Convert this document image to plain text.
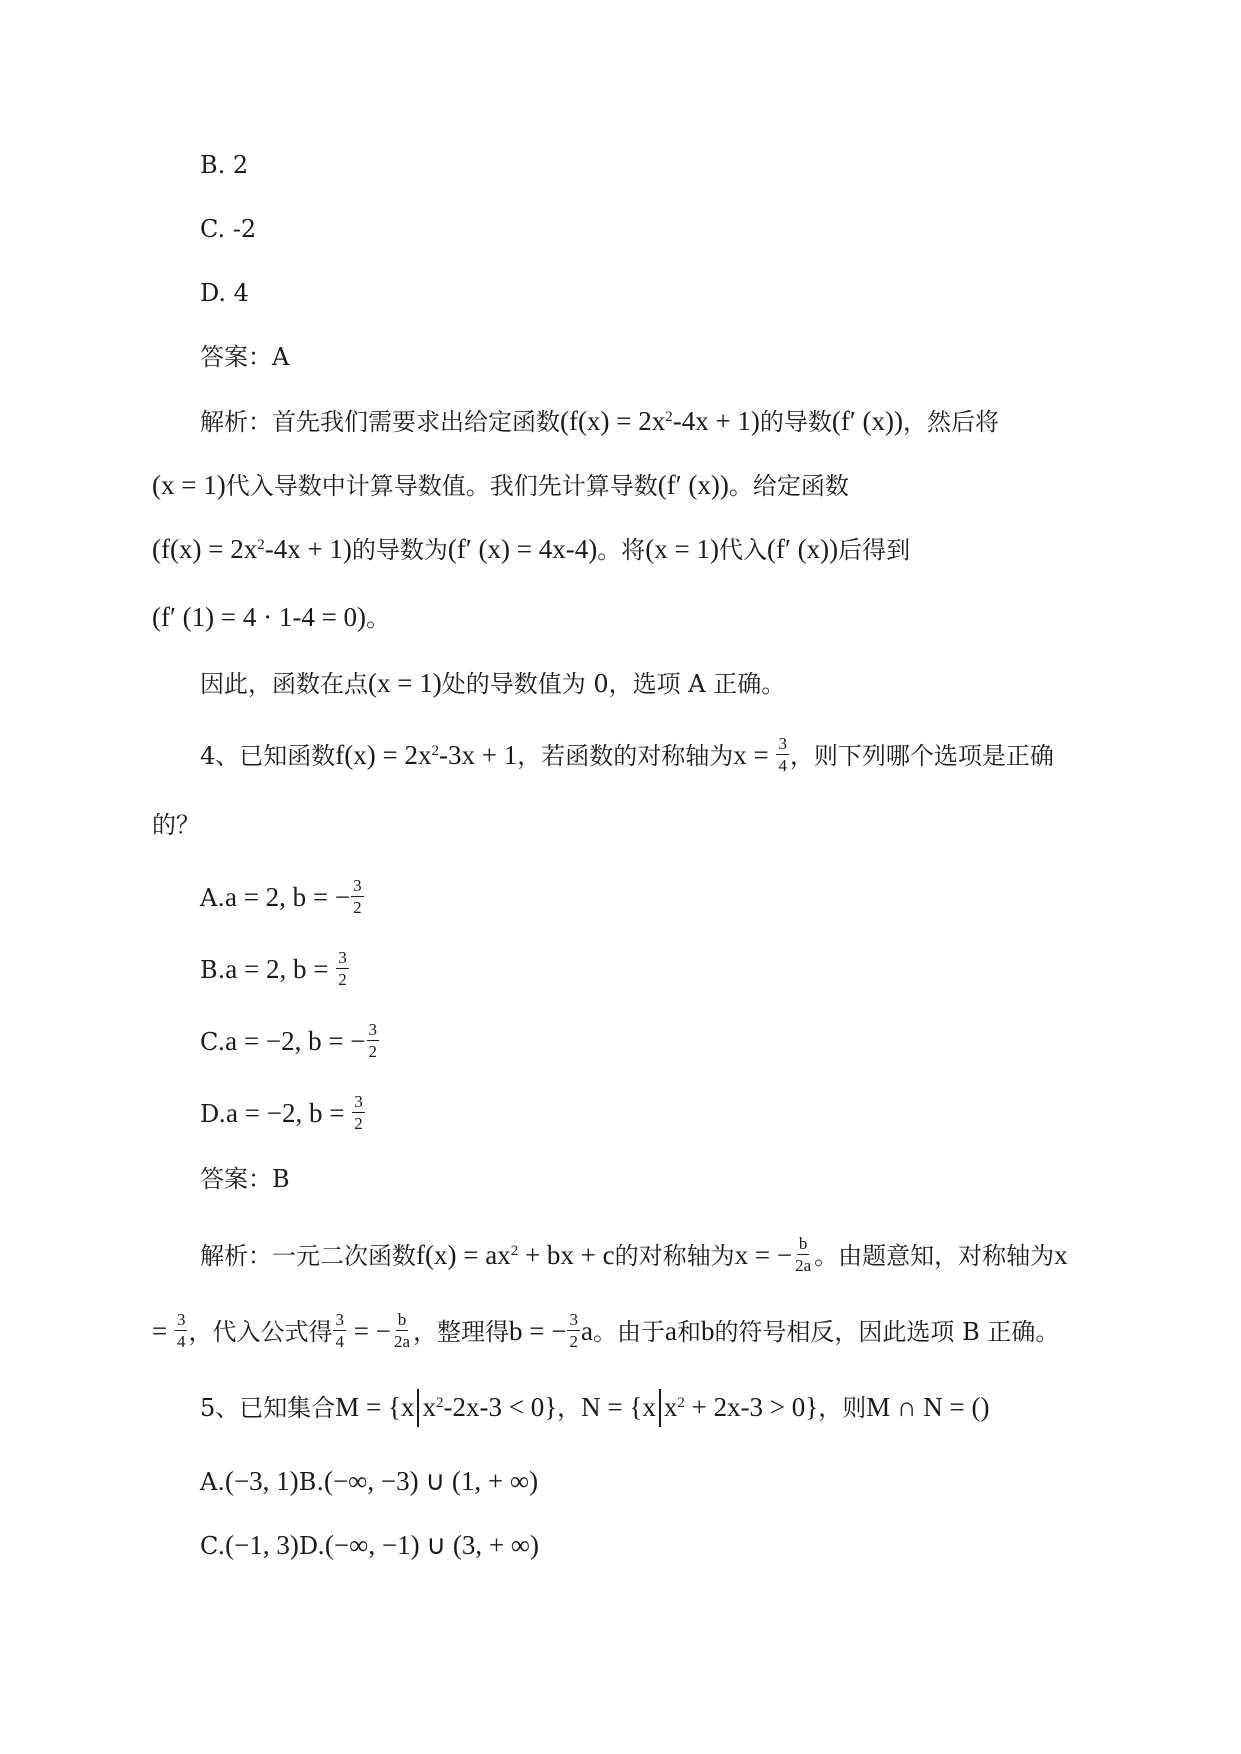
B. 2
C. -2
D. 4
答案：A
解析：首先我们需要求出给定函数$(f(x) = 2x^2-4x + 1)$的导数(f′ (x))，然后将
(x = 1)代入导数中计算导数值。我们先计算导数(f′ (x))。给定函数
$(f(x) = 2x^2-4x + 1)$的导数为(f′ (x) = 4x-4)。将(x = 1)代入(f′ (x))后得到
(f′ (1) = 4 · 1-4 = 0)。
因此，函数在点(x = 1)处的导数值为 0，选项 A 正确。
4、已知函数$f(x) = 2x^2-3x + 1$，若函数的对称轴为$x = \frac{3}{4}$ ，则下列哪个选项是正确
的？
A.a = 2, b = − $\frac{3}{2}$
B.a = 2, $b = \frac{3}{2}$
C.a = −2, b = − $\frac{3}{2}$
D.a = −2, $b = \frac{3}{2}$
答案：B
解析：一元二次函数$f(x) = ax^2$ + bx + c的对称轴为x = − $\frac{b}{2a}$ 。由题意知，对称轴为x
= $\frac{3}{4}$ ，代入公式得 $\frac{3}{4}$ = − $\frac{b}{2a}$ ，整理得b = − $\frac{3}{2}$ a。由于a和b的符号相反，因此选项 B 正确。
5、已知集合M = {x $x^2-2x-3 < 0$}，N = {x $x^2 + 2x-3 > 0$}，则M ∩ N = ()
A.(−3, 1)B.(−∞, −3) ∪ (1, + ∞)
C.(−1, 3)D.(−∞, −1) ∪ (3, + ∞)
